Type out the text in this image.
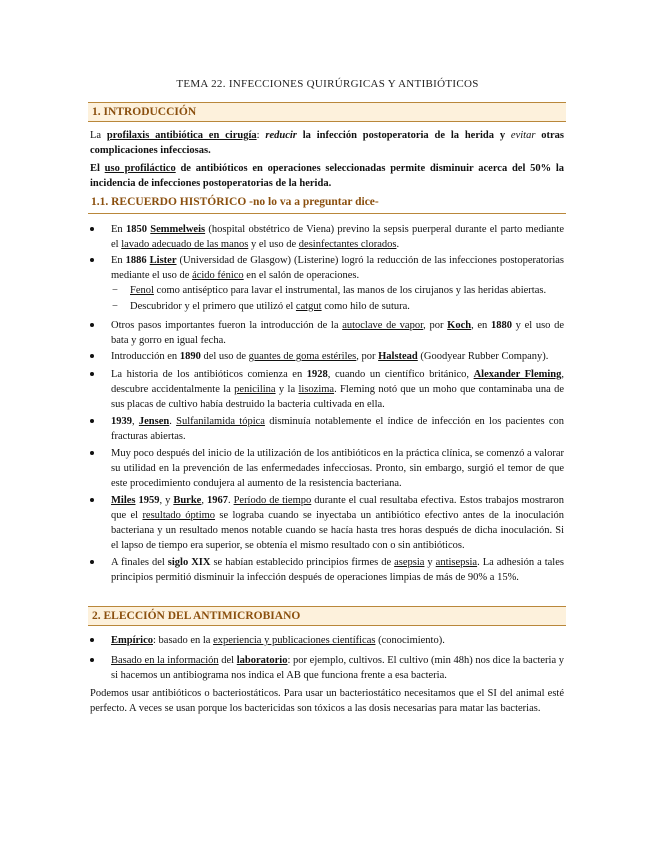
TEMA 22. INFECCIONES QUIRÚRGICAS Y ANTIBIÓTICOS
1. INTRODUCCIÓN

La profilaxis antibiótica en cirugía: reducir la infección postoperatoria de la herida y evitar otras complicaciones infecciosas.

El uso profiláctico de antibióticos en operaciones seleccionadas permite disminuir acerca del 50% la incidencia de infecciones postoperatorias de la herida.

1.1. RECUERDO HISTÓRICO -no lo va a preguntar dice-
En 1850 Semmelweis (hospital obstétrico de Viena) previno la sepsis puerperal durante el parto mediante el lavado adecuado de las manos y el uso de desinfectantes clorados.
En 1886 Lister (Universidad de Glasgow) (Listerine) logró la reducción de las infecciones postoperatorias mediante el uso de ácido fénico en el salón de operaciones.
− Fenol como antiséptico para lavar el instrumental, las manos de los cirujanos y las heridas abiertas.
− Descubridor y el primero que utilizó el catgut como hilo de sutura.
Otros pasos importantes fueron la introducción de la autoclave de vapor, por Koch, en 1880 y el uso de bata y gorro en igual fecha.
Introducción en 1890 del uso de guantes de goma estériles, por Halstead (Goodyear Rubber Company).
La historia de los antibióticos comienza en 1928, cuando un científico británico, Alexander Fleming, descubre accidentalmente la penicilina y la lisozima. Fleming notó que un moho que contaminaba una de sus placas de cultivo había destruido la bacteria cultivada en ella.
1939, Jensen. Sulfanilamida tópica disminuía notablemente el índice de infección en los pacientes con fracturas abiertas.
Muy poco después del inicio de la utilización de los antibióticos en la práctica clínica, se comenzó a valorar su utilidad en la prevención de las enfermedades infecciosas. Pronto, sin embargo, surgió el temor de que este procedimiento condujera al aumento de la resistencia bacteriana.
Miles 1959, y Burke, 1967. Período de tiempo durante el cual resultaba efectiva. Estos trabajos mostraron que el resultado óptimo se lograba cuando se inyectaba un antibiótico efectivo antes de la inoculación bacteriana y un resultado menos notable cuando se hacía hasta tres horas después de dicha inoculación. Si el lapso de tiempo era superior, se obtenía el mismo resultado con o sin antibióticos.
A finales del siglo XIX se habían establecido principios firmes de asepsia y antisepsia. La adhesión a tales principios permitió disminuir la infección después de operaciones limpias de más de 90% a 15%.
2. ELECCIÓN DEL ANTIMICROBIANO
Empírico: basado en la experiencia y publicaciones científicas (conocimiento).
Basado en la información del laboratorio: por ejemplo, cultivos. El cultivo (min 48h) nos dice la bacteria y si hacemos un antibiograma nos indica el AB que funciona frente a esa bacteria.

Podemos usar antibióticos o bacteriostáticos. Para usar un bacteriostático necesitamos que el SI del animal esté perfecto. A veces se usan porque los bactericidas son tóxicos a las dosis necesarias para matar las bacterias.
